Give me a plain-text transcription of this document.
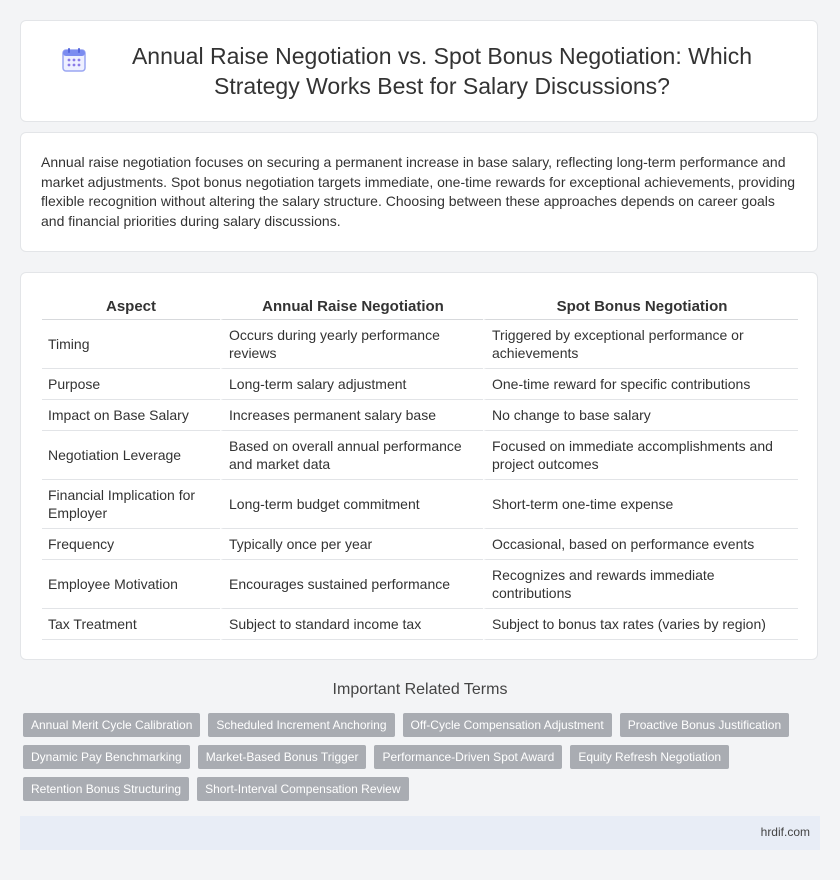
Annual Raise Negotiation vs. Spot Bonus Negotiation: Which Strategy Works Best for Salary Discussions?

Annual raise negotiation focuses on securing a permanent increase in base salary, reflecting long-term performance and market adjustments. Spot bonus negotiation targets immediate, one-time rewards for exceptional achievements, providing flexible recognition without altering the salary structure. Choosing between these approaches depends on career goals and financial priorities during salary discussions.

Aspect	Annual Raise Negotiation	Spot Bonus Negotiation
Timing	Occurs during yearly performance reviews	Triggered by exceptional performance or achievements
Purpose	Long-term salary adjustment	One-time reward for specific contributions
Impact on Base Salary	Increases permanent salary base	No change to base salary
Negotiation Leverage	Based on overall annual performance and market data	Focused on immediate accomplishments and project outcomes
Financial Implication for Employer	Long-term budget commitment	Short-term one-time expense
Frequency	Typically once per year	Occasional, based on performance events
Employee Motivation	Encourages sustained performance	Recognizes and rewards immediate contributions
Tax Treatment	Subject to standard income tax	Subject to bonus tax rates (varies by region)
Important Related Terms
Annual Merit Cycle Calibration	Scheduled Increment Anchoring	Off-Cycle Compensation Adjustment	Proactive Bonus Justification
Dynamic Pay Benchmarking	Market-Based Bonus Trigger	Performance-Driven Spot Award	Equity Refresh Negotiation
Retention Bonus Structuring	Short-Interval Compensation Review
hrdif.com
